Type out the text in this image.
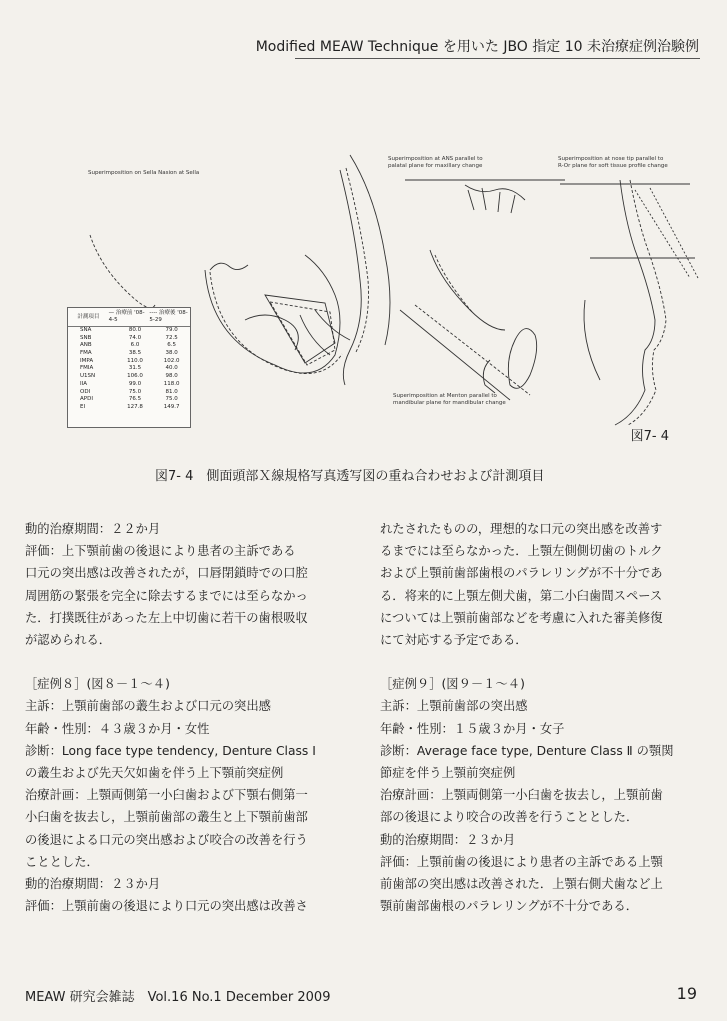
Modified MEAW Technique を用いた JBO 指定 10 未治療症例治験例
Superimposition on Sella Nasion at Sella
Superimposition at ANS parallel to
palatal plane for maxillary change
Superimposition at nose tip parallel to
R-Or plane for soft tissue profile change
Superimposition at Menton parallel to
mandibular plane for mandibular change
計測項目
— 治療前 '08-4-5
---- 治療後 '08-5-29
SNA	80.0	79.0
SNB	74.0	72.5
ANB	6.0	6.5
FMA	38.5	38.0
IMPA	110.0	102.0
FMIA	31.5	40.0
U1SN	106.0	98.0
IIA	99.0	118.0
ODI	75.0	81.0
APDI	76.5	75.0
EI	127.8	149.7
図7- 4
図7- 4　側面頭部Ｘ線規格写真透写図の重ね合わせおよび計測項目

動的治療期間：２２か月

評価：上下顎前歯の後退により患者の主訴である

口元の突出感は改善されたが，口唇閉鎖時での口腔

周囲筋の緊張を完全に除去するまでには至らなかっ

た．打撲既往があった左上中切歯に若干の歯根吸収

が認められる．

［症例８］(図８－１～４)

主訴：上顎前歯部の叢生および口元の突出感

年齢・性別：４３歳３か月・女性

診断：Long face type tendency, Denture Class Ⅰ

の叢生および先天欠如歯を伴う上下顎前突症例

治療計画：上顎両側第一小臼歯および下顎右側第一

小臼歯を抜去し，上顎前歯部の叢生と上下顎前歯部

の後退による口元の突出感および咬合の改善を行う

こととした．

動的治療期間：２３か月

評価：上顎前歯の後退により口元の突出感は改善さ

れたされたものの，理想的な口元の突出感を改善す

るまでには至らなかった．上顎左側側切歯のトルク

および上顎前歯部歯根のパラレリングが不十分であ

る．将来的に上顎左側犬歯，第二小臼歯間スペース

については上顎前歯部などを考慮に入れた審美修復

にて対応する予定である．

［症例９］(図９－１～４)

主訴：上顎前歯部の突出感

年齢・性別：１５歳３か月・女子

診断：Average face type, Denture Class Ⅱ の顎関

節症を伴う上顎前突症例

治療計画：上顎両側第一小臼歯を抜去し，上顎前歯

部の後退により咬合の改善を行うこととした．

動的治療期間：２３か月

評価：上顎前歯の後退により患者の主訴である上顎

前歯部の突出感は改善された．上顎右側犬歯など上

顎前歯部歯根のパラレリングが不十分である．

MEAW 研究会雑誌　Vol.16 No.1 December 2009	19
